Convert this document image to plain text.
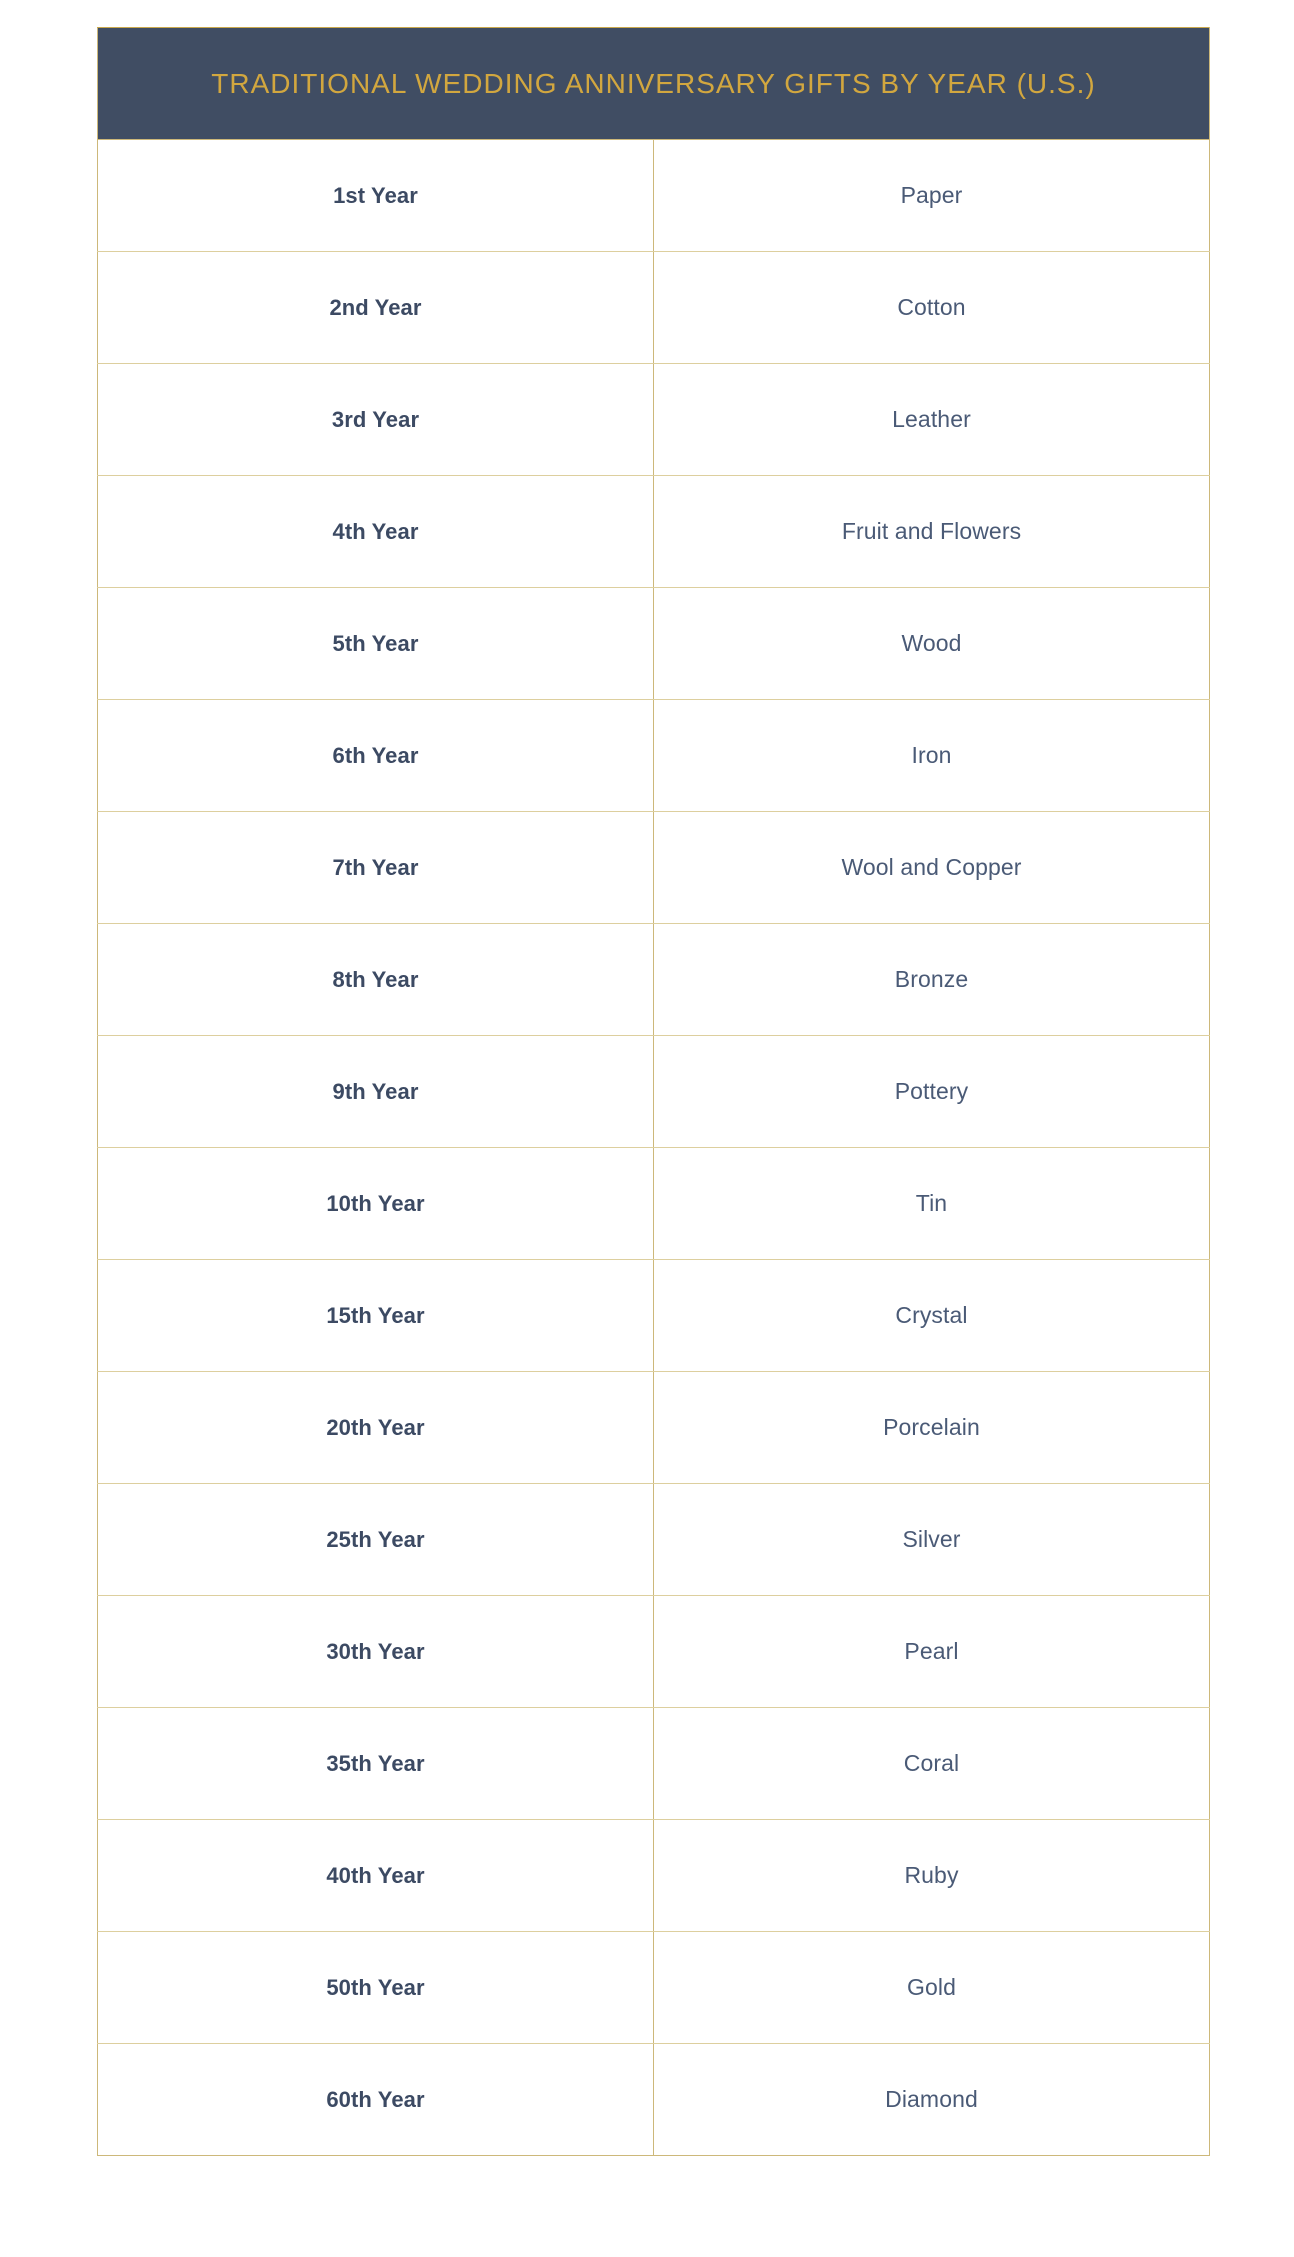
TRADITIONAL WEDDING ANNIVERSARY GIFTS BY YEAR (U.S.)	

1st Year	Paper
2nd Year	Cotton
3rd Year	Leather
4th Year	Fruit and Flowers
5th Year	Wood
6th Year	Iron
7th Year	Wool and Copper
8th Year	Bronze
9th Year	Pottery
10th Year	Tin
15th Year	Crystal
20th Year	Porcelain
25th Year	Silver
30th Year	Pearl
35th Year	Coral
40th Year	Ruby
50th Year	Gold
60th Year	Diamond
